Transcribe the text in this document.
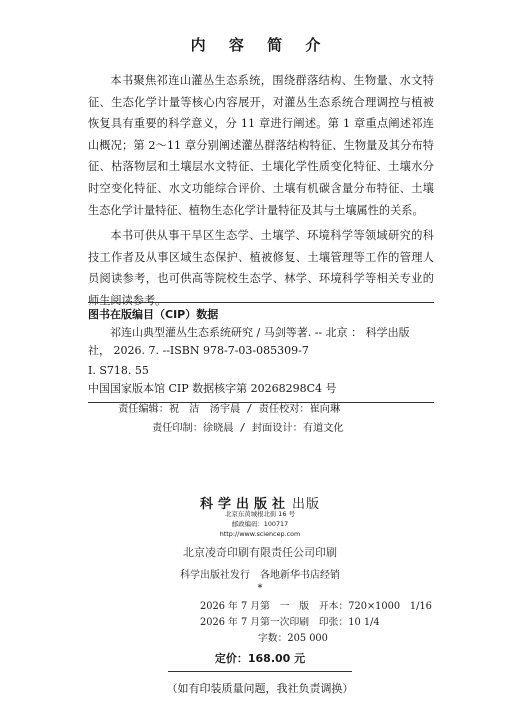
内 容 简 介

本书聚焦祁连山灌丛生态系统，围绕群落结构、生物量、水文特征、生态化学计量等核心内容展开，对灌丛生态系统合理调控与植被恢复具有重要的科学意义，分 11 章进行阐述。第 1 章重点阐述祁连山概况；第 2～11 章分别阐述灌丛群落结构特征、生物量及其分布特征、枯落物层和土壤层水文特征、土壤化学性质变化特征、土壤水分时空变化特征、水文功能综合评价、土壤有机碳含量分布特征、土壤生态化学计量特征、植物生态化学计量特征及其与土壤属性的关系。

本书可供从事干旱区生态学、土壤学、环境科学等领域研究的科技工作者及从事区域生态保护、植被修复、土壤管理等工作的管理人员阅读参考，也可供高等院校生态学、林学、环境科学等相关专业的师生阅读参考。

图书在版编目（CIP）数据

祁连山典型灌丛生态系统研究 / 马剑等著. -- 北京 ： 科学出版

社， 2026. 7. --ISBN 978-7-03-085309-7

Ⅰ. S718. 55

中国国家版本馆 CIP 数据核字第 20268298C4 号

责任编辑：祝　洁　汤宇晨 / 责任校对：崔向琳
责任印制：徐晓晨 / 封面设计：有道文化
科学出版社 出版
北京东黄城根北街 16 号
邮政编码：100717
http://www.sciencep.com
北京凌奇印刷有限责任公司印刷
科学出版社发行　各地新华书店经销
*
2026 年 7 月第　一　版　开本：720×1000　1/16
2026 年 7 月第一次印刷　印张：10 1/4
字数：205 000
定价：168.00 元
（如有印装质量问题，我社负责调换）
